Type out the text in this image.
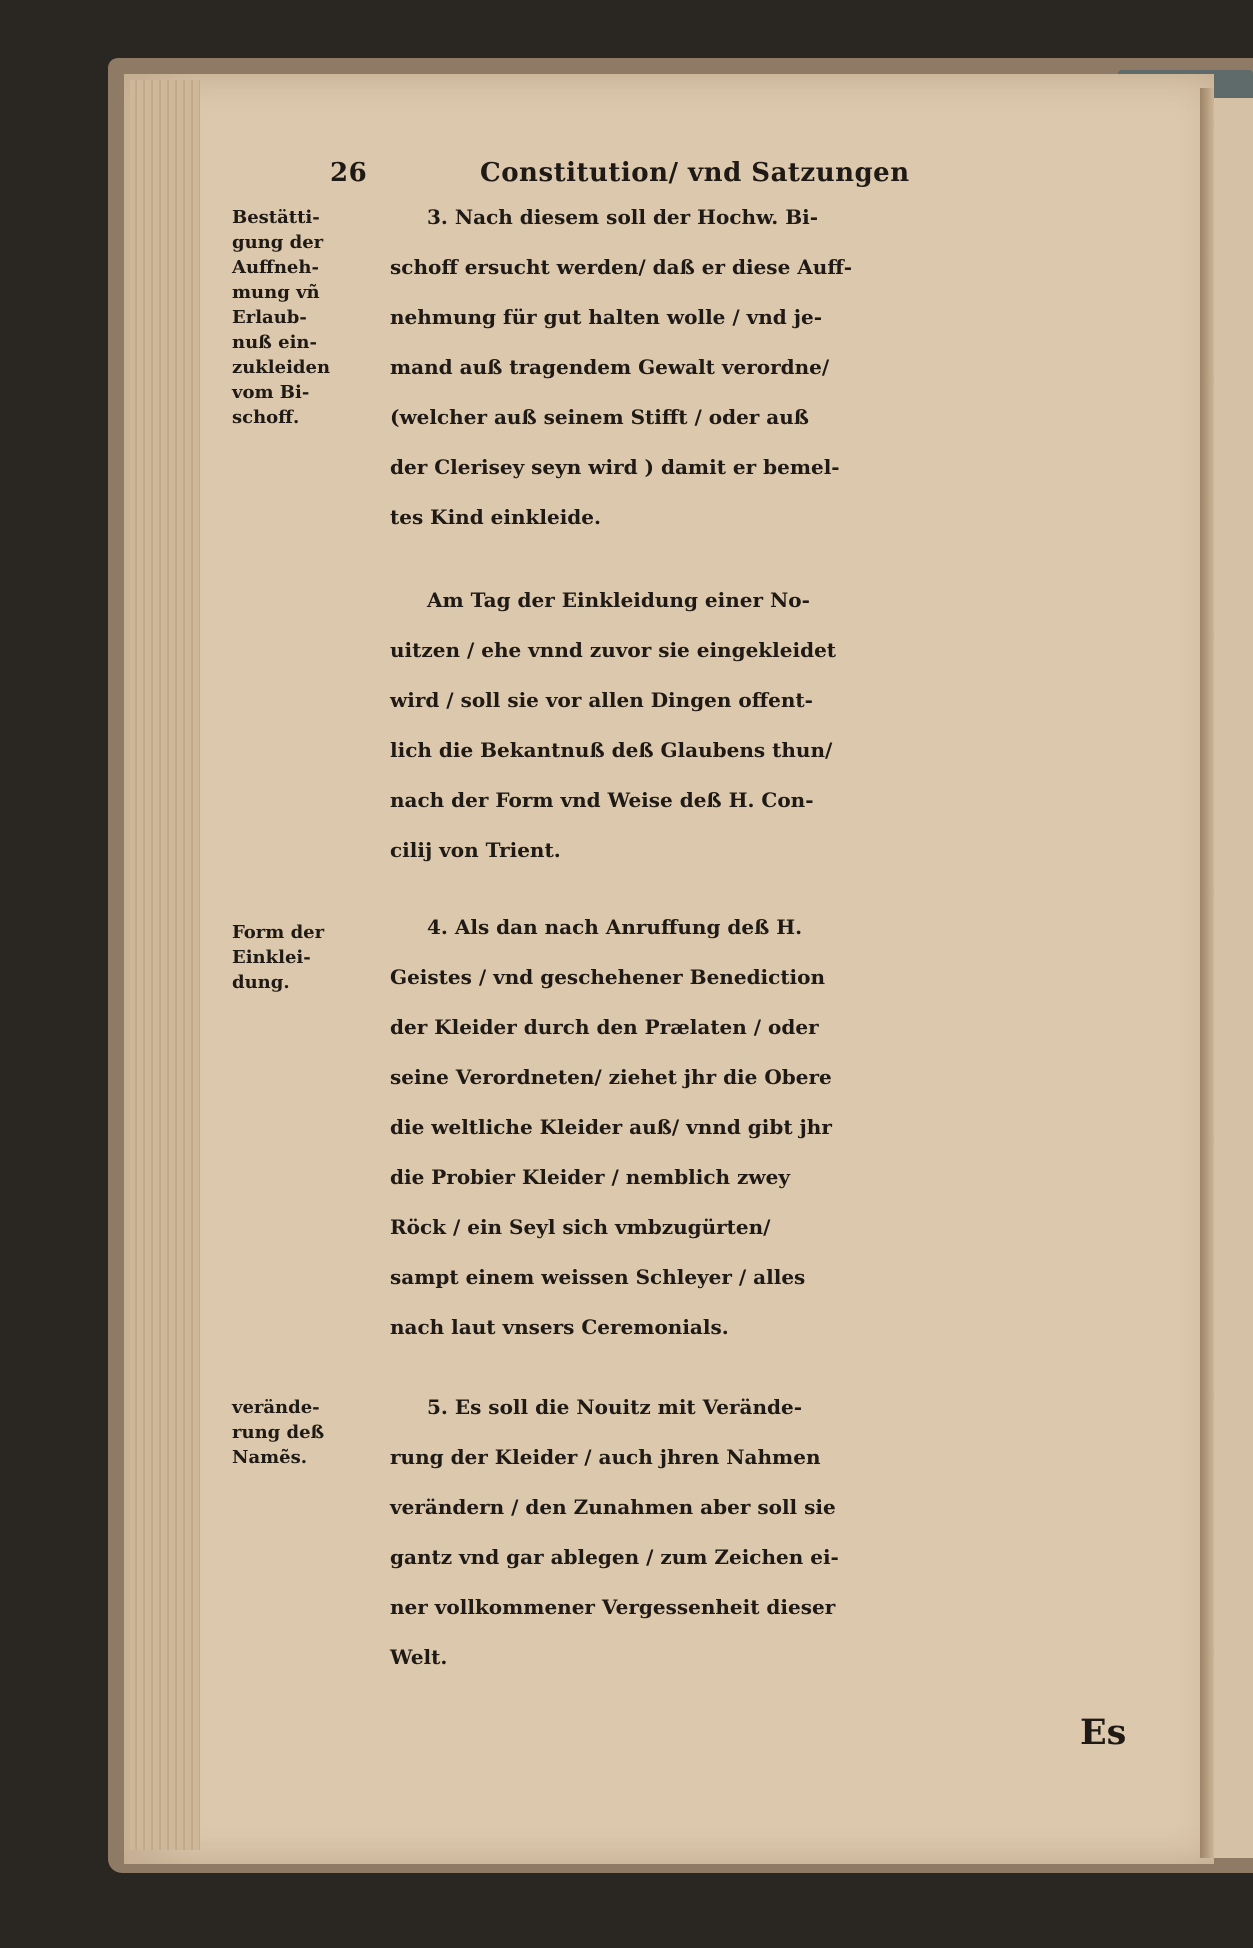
26	Constitution/ vnd Satzungen
Bestätti-
gung der
Auffneh-
mung vñ
Erlaub-
nuß ein-
zukleiden
vom Bi-
schoff.
Form der
Einklei-
dung.
verände-
rung deß
Namẽs.
3. Nach diesem soll der Hochw. Bi-
schoff ersucht werden/ daß er diese Auff-
nehmung für gut halten wolle / vnd je-
mand auß tragendem Gewalt verordne/
(welcher auß seinem Stifft / oder auß
der Clerisey seyn wird ) damit er bemel-
tes Kind einkleide.
Am Tag der Einkleidung einer No-
uitzen / ehe vnnd zuvor sie eingekleidet
wird / soll sie vor allen Dingen offent-
lich die Bekantnuß deß Glaubens thun/
nach der Form vnd Weise deß H. Con-
cilij von Trient.
4. Als dan nach Anruffung deß H.
Geistes / vnd geschehener Benediction
der Kleider durch den Prælaten / oder
seine Verordneten/ ziehet jhr die Obere
die weltliche Kleider auß/ vnnd gibt jhr
die Probier Kleider / nemblich zwey
Röck / ein Seyl sich vmbzugürten/
sampt einem weissen Schleyer / alles
nach laut vnsers Ceremonials.
5. Es soll die Nouitz mit Verände-
rung der Kleider / auch jhren Nahmen
verändern / den Zunahmen aber soll sie
gantz vnd gar ablegen / zum Zeichen ei-
ner vollkommener Vergessenheit dieser
Welt.
Es
